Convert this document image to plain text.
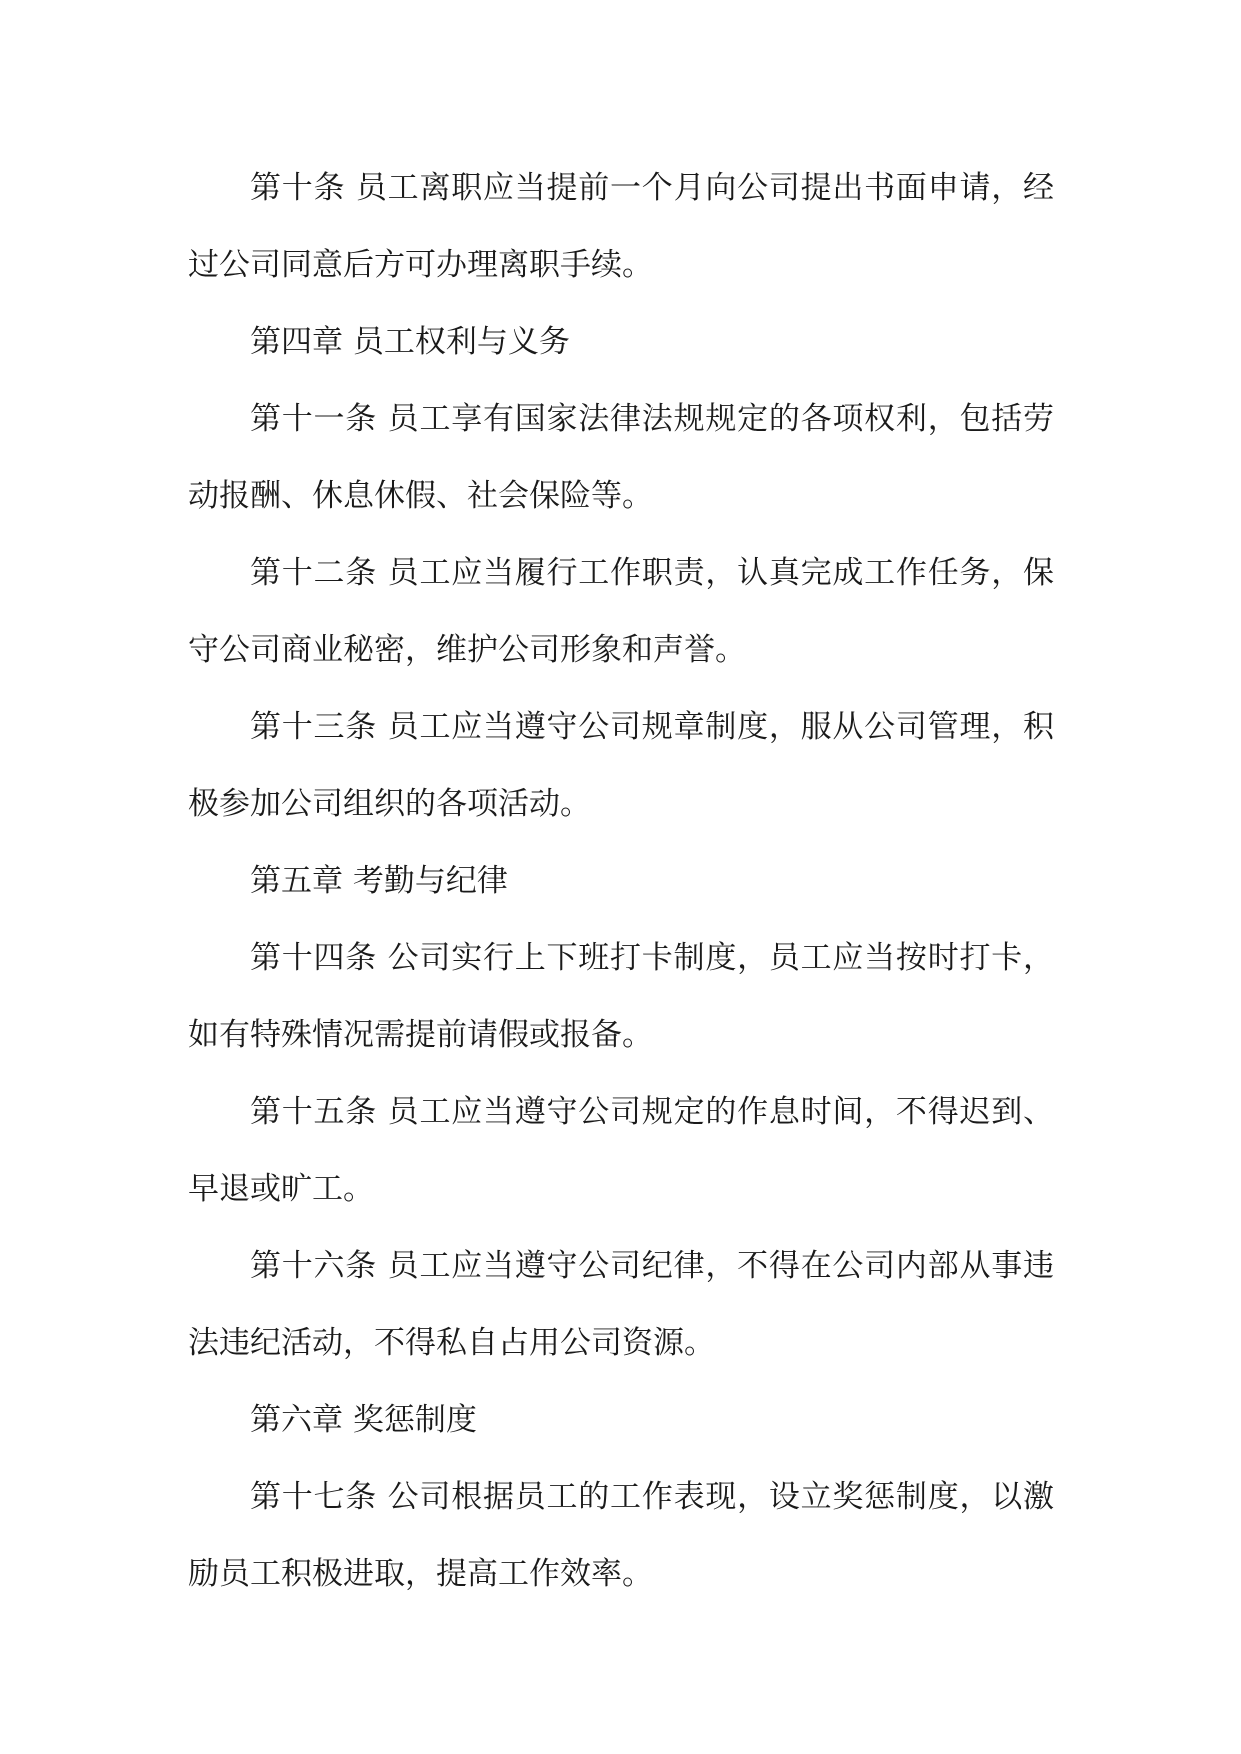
第十条 员工离职应当提前一个月向公司提出书面申请，经过公司同意后方可办理离职手续。

第四章 员工权利与义务

第十一条 员工享有国家法律法规规定的各项权利，包括劳动报酬、休息休假、社会保险等。

第十二条 员工应当履行工作职责，认真完成工作任务，保守公司商业秘密，维护公司形象和声誉。

第十三条 员工应当遵守公司规章制度，服从公司管理，积极参加公司组织的各项活动。

第五章 考勤与纪律

第十四条 公司实行上下班打卡制度，员工应当按时打卡，如有特殊情况需提前请假或报备。

第十五条 员工应当遵守公司规定的作息时间，不得迟到、早退或旷工。

第十六条 员工应当遵守公司纪律，不得在公司内部从事违法违纪活动，不得私自占用公司资源。

第六章 奖惩制度

第十七条 公司根据员工的工作表现，设立奖惩制度，以激励员工积极进取，提高工作效率。
